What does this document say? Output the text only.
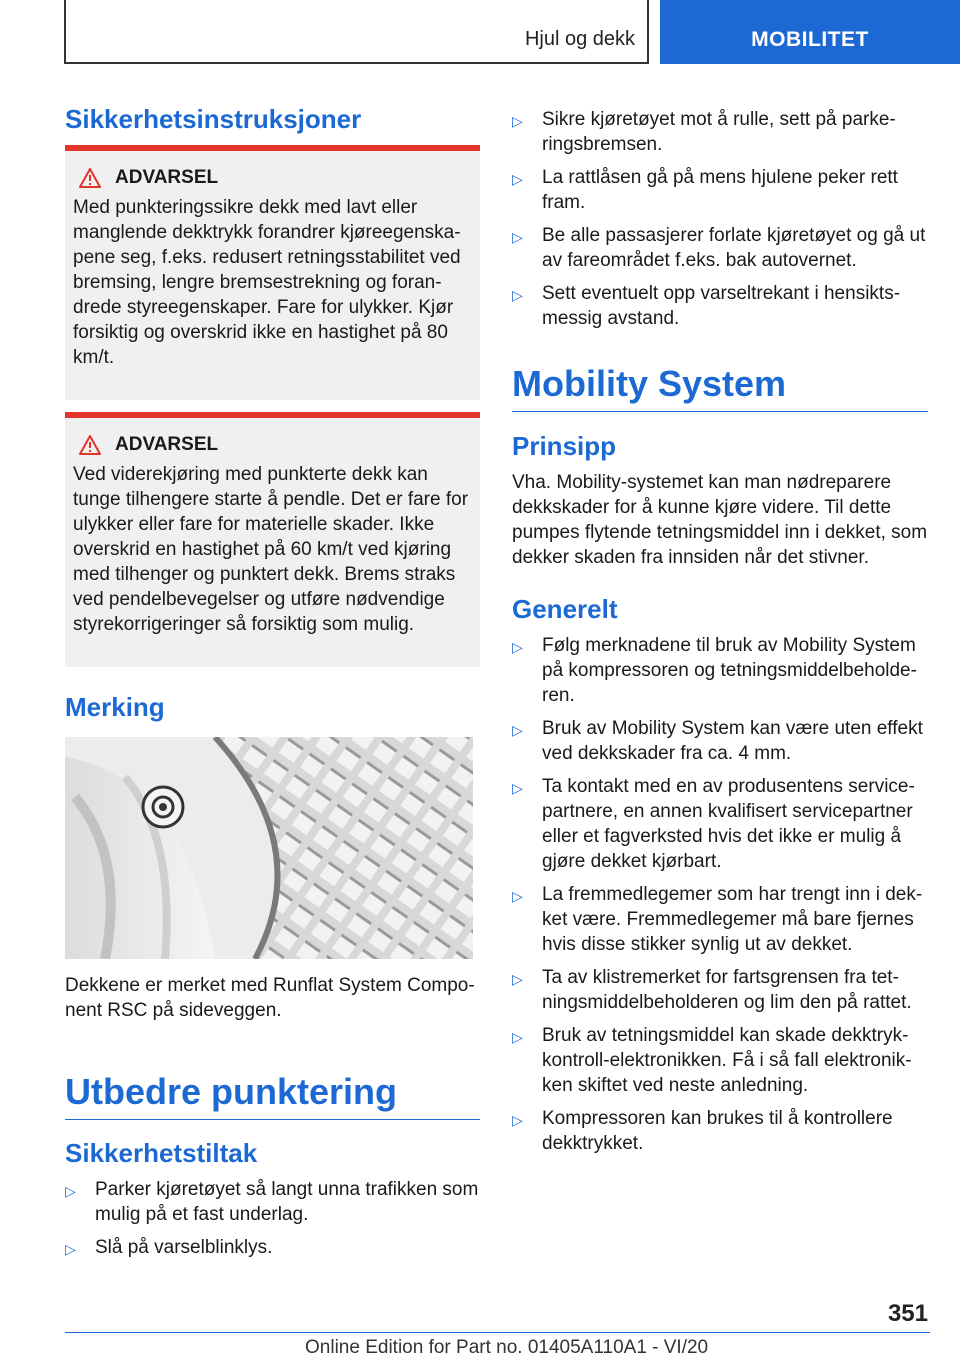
Hjul og dekk	MOBILITET
Sikkerhetsinstruksjoner
ADVARSEL
Med punkteringssikre dekk med lavt eller manglende dekktrykk forandrer kjøreegenska-pene seg, f.eks. redusert retningsstabilitet ved bremsing, lengre bremsestrekning og foran-drede styreegenskaper. Fare for ulykker. Kjør forsiktig og overskrid ikke en hastighet på 80 km/t.
ADVARSEL
Ved viderekjøring med punkterte dekk kan tunge tilhengere starte å pendle. Det er fare for ulykker eller fare for materielle skader. Ikke overskrid en hastighet på 60 km/t ved kjøring med tilhenger og punktert dekk. Brems straks ved pendelbevegelser og utføre nødvendige styrekorrigeringer så forsiktig som mulig.
Merking

Dekkene er merket med Runflat System Compo-nent RSC på sideveggen.

Utbedre punktering
Sikkerhetstiltak
▷ Parker kjøretøyet så langt unna trafikken som mulig på et fast underlag.
▷ Slå på varselblinklys.
▷ Sikre kjøretøyet mot å rulle, sett på parke-ringsbremsen.
▷ La rattlåsen gå på mens hjulene peker rett fram.
▷ Be alle passasjerer forlate kjøretøyet og gå ut av fareområdet f.eks. bak autovernet.
▷ Sett eventuelt opp varseltrekant i hensikts-messig avstand.
Mobility System
Prinsipp

Vha. Mobility-systemet kan man nødreparere dekkskader for å kunne kjøre videre. Til dette pumpes flytende tetningsmiddel inn i dekket, som dekker skaden fra innsiden når det stivner.

Generelt
▷ Følg merknadene til bruk av Mobility System på kompressoren og tetningsmiddelbeholde-ren.
▷ Bruk av Mobility System kan være uten effekt ved dekkskader fra ca. 4 mm.
▷ Ta kontakt med en av produsentens service-partnere, en annen kvalifisert servicepartner eller et fagverksted hvis det ikke er mulig å gjøre dekket kjørbart.
▷ La fremmedlegemer som har trengt inn i dek-ket være. Fremmedlegemer må bare fjernes hvis disse stikker synlig ut av dekket.
▷ Ta av klistremerket for fartsgrensen fra tet-ningsmiddelbeholderen og lim den på rattet.
▷ Bruk av tetningsmiddel kan skade dekktryk-kontroll-elektronikken. Få i så fall elektronik-ken skiftet ved neste anledning.
▷ Kompressoren kan brukes til å kontrollere dekktrykket.
351
Online Edition for Part no. 01405A110A1 - VI/20
